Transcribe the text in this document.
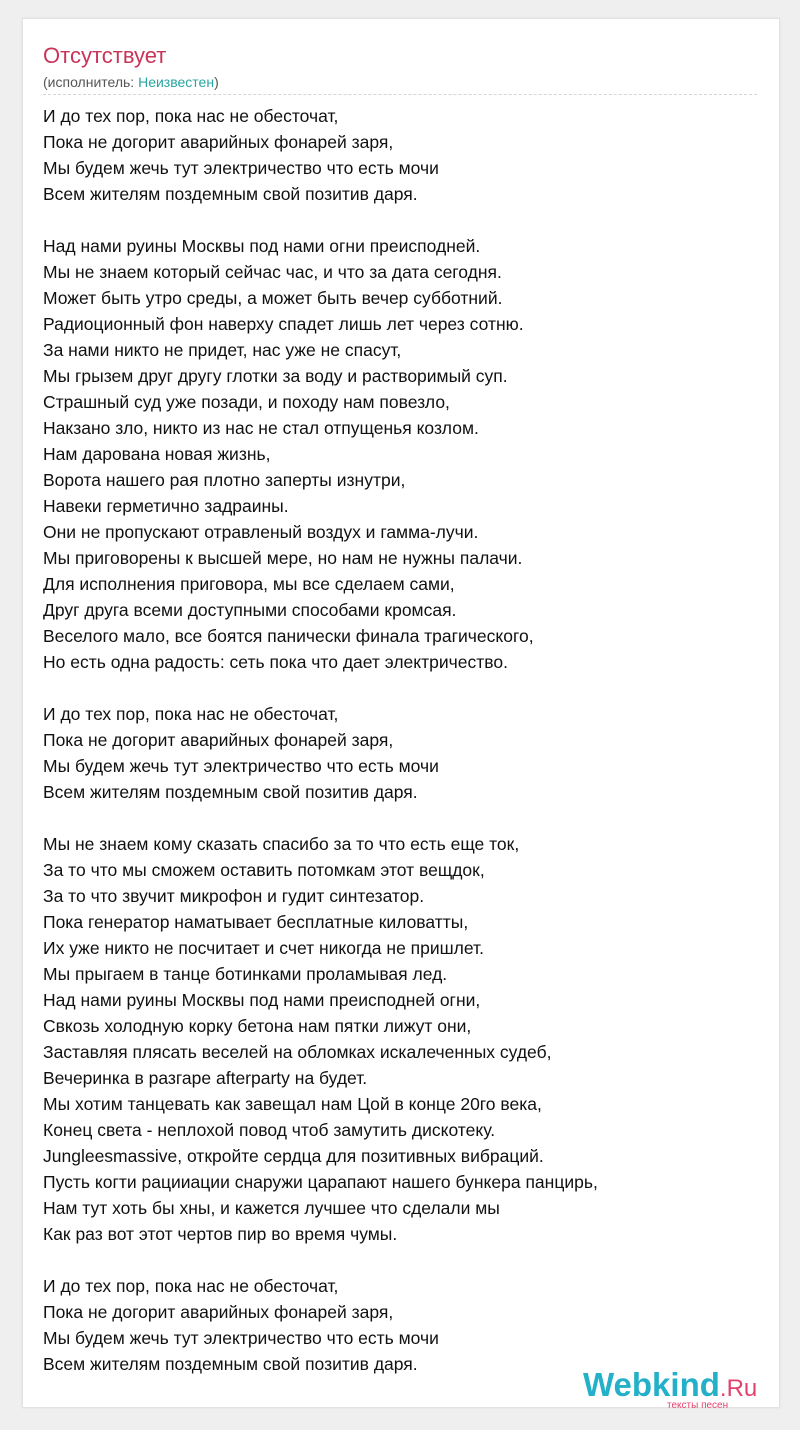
Отсутствует
(исполнитель: Неизвестен)
И до тех пор, пока нас не обесточат,
Пока не догорит аварийных фонарей заря,
Мы будем жечь тут электричество что есть мочи
Всем жителям поздемным свой позитив даря.
Над нами руины Москвы под нами огни преисподней.
Мы не знаем который сейчас час, и что за дата сегодня.
Может быть утро среды, а может быть вечер субботний.
Радиоционный фон наверху спадет лишь лет через сотню.
За нами никто не придет, нас уже не спасут,
Мы грызем друг другу глотки за воду и растворимый суп.
Страшный суд уже позади, и походу нам повезло,
Накзано зло, никто из нас не стал отпущенья козлом.
Нам дарована новая жизнь,
Ворота нашего рая плотно заперты изнутри,
Навеки герметично задраины.
Они не пропускают отравленый воздух и гамма-лучи.
Мы приговорены к высшей мере, но нам не нужны палачи.
Для исполнения приговора, мы все сделаем сами,
Друг друга всеми доступными способами кромсая.
Веселого мало, все боятся панически финала трагического,
Но есть одна радость: сеть пока что дает электричество.
И до тех пор, пока нас не обесточат,
Пока не догорит аварийных фонарей заря,
Мы будем жечь тут электричество что есть мочи
Всем жителям поздемным свой позитив даря.
Мы не знаем кому сказать спасибо за то что есть еще ток,
За то что мы сможем оставить потомкам этот вещдок,
За то что звучит микрофон и гудит синтезатор.
Пока генератор наматывает бесплатные киловатты,
Их уже никто не посчитает и счет никогда не пришлет.
Мы прыгаем в танце ботинками проламывая лед.
Над нами руины Москвы под нами преисподней огни,
Свкозь холодную корку бетона нам пятки лижут они,
Заставляя плясать веселей на обломках искалеченных судеб,
Вечеринка в разгаре afterparty на будет.
Мы хотим танцевать как завещал нам Цой в конце 20го века,
Конец света - неплохой повод чтоб замутить дискотеку.
Jungleesmassive, откройте сердца для позитивных вибраций.
Пусть когти рацииации снаружи царапают нашего бункера панцирь,
Нам тут хоть бы хны, и кажется лучшее что сделали мы
Как раз вот этот чертов пир во время чумы.
И до тех пор, пока нас не обесточат,
Пока не догорит аварийных фонарей заря,
Мы будем жечь тут электричество что есть мочи
Всем жителям поздемным свой позитив даря.
Webkind.Ru
тексты песен
